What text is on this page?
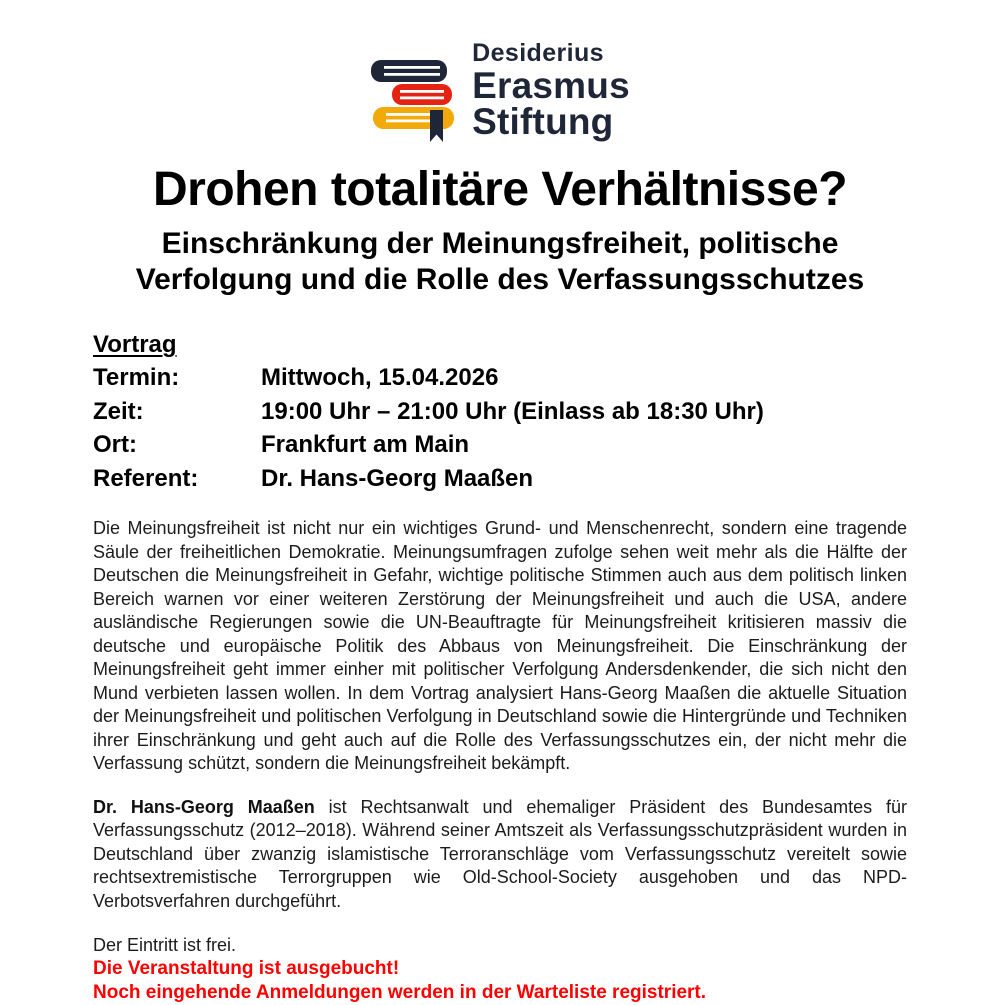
Desiderius
Erasmus
Stiftung
Drohen totalitäre Verhältnisse?
Einschränkung der Meinungsfreiheit, politische
Verfolgung und die Rolle des Verfassungsschutzes
Vortrag
Termin:	Mittwoch, 15.04.2026
Zeit:	19:00 Uhr – 21:00 Uhr (Einlass ab 18:30 Uhr)
Ort:	Frankfurt am Main
Referent:	Dr. Hans-Georg Maaßen

Die Meinungsfreiheit ist nicht nur ein wichtiges Grund- und Menschenrecht, sondern eine tragende Säule der freiheitlichen Demokratie. Meinungsumfragen zufolge sehen weit mehr als die Hälfte der Deutschen die Meinungsfreiheit in Gefahr, wichtige politische Stimmen auch aus dem politisch linken Bereich warnen vor einer weiteren Zerstörung der Meinungsfreiheit und auch die USA, andere ausländische Regierungen sowie die UN-Beauftragte für Meinungsfreiheit kritisieren massiv die deutsche und europäische Politik des Abbaus von Meinungsfreiheit. Die Einschränkung der Meinungsfreiheit geht immer einher mit politischer Verfolgung Andersdenkender, die sich nicht den Mund verbieten lassen wollen. In dem Vortrag analysiert Hans-Georg Maaßen die aktuelle Situation der Meinungsfreiheit und politischen Verfolgung in Deutschland sowie die Hintergründe und Techniken ihrer Einschränkung und geht auch auf die Rolle des Verfassungsschutzes ein, der nicht mehr die Verfassung schützt, sondern die Meinungsfreiheit bekämpft.

Dr. Hans-Georg Maaßen ist Rechtsanwalt und ehemaliger Präsident des Bundesamtes für Verfassungsschutz (2012–2018). Während seiner Amtszeit als Verfassungsschutzpräsident wurden in Deutschland über zwanzig islamistische Terroranschläge vom Verfassungsschutz vereitelt sowie rechtsextremistische Terrorgruppen wie Old-School-Society ausgehoben und das NPD-Verbotsverfahren durchgeführt.

Der Eintritt ist frei.

Die Veranstaltung ist ausgebucht!

Noch eingehende Anmeldungen werden in der Warteliste registriert.
